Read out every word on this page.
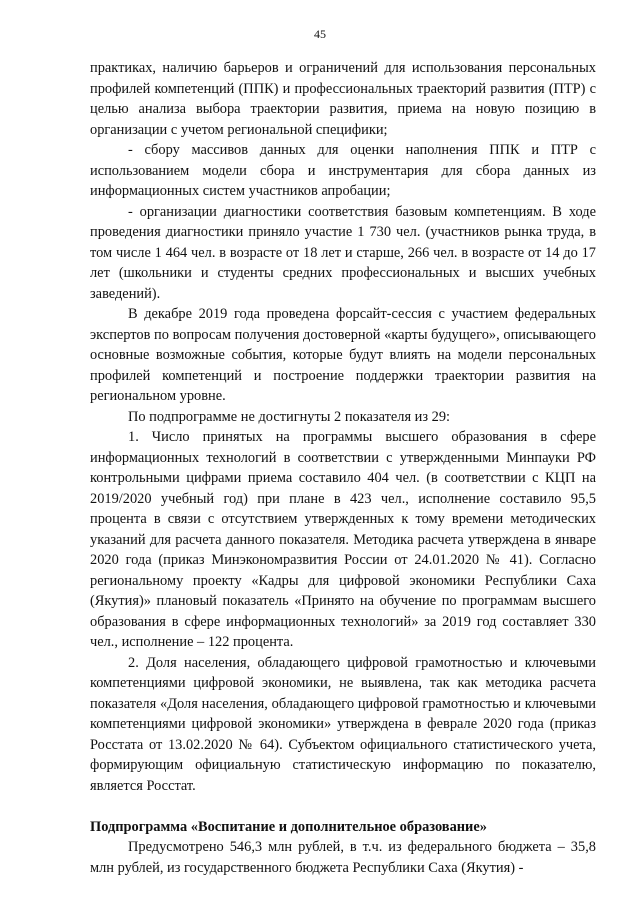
45

практиках, наличию барьеров и ограничений для использования персональных профилей компетенций (ППК) и профессиональных траекторий развития (ПТР) с целью анализа выбора траектории развития, приема на новую позицию в организации с учетом региональной специфики;

- сбору массивов данных для оценки наполнения ППК и ПТР с использованием модели сбора и инструментария для сбора данных из информационных систем участников апробации;

- организации диагностики соответствия базовым компетенциям. В ходе проведения диагностики приняло участие 1 730 чел. (участников рынка труда, в том числе 1 464 чел. в возрасте от 18 лет и старше, 266 чел. в возрасте от 14 до 17 лет (школьники и студенты средних профессиональных и высших учебных заведений).

В декабре 2019 года проведена форсайт-сессия с участием федеральных экспертов по вопросам получения достоверной «карты будущего», описывающего основные возможные события, которые будут влиять на модели персональных профилей компетенций и построение поддержки траектории развития на региональном уровне.

По подпрограмме не достигнуты 2 показателя из 29:

1. Число принятых на программы высшего образования в сфере информационных технологий в соответствии с утвержденными Минпауки РФ контрольными цифрами приема составило 404 чел. (в соответствии с КЦП на 2019/2020 учебный год) при плане в 423 чел., исполнение составило 95,5 процента в связи с отсутствием утвержденных к тому времени методических указаний для расчета данного показателя. Методика расчета утверждена в январе 2020 года (приказ Минэкономразвития России от 24.01.2020 № 41). Согласно региональному проекту «Кадры для цифровой экономики Республики Саха (Якутия)» плановый показатель «Принято на обучение по программам высшего образования в сфере информационных технологий» за 2019 год составляет 330 чел., исполнение – 122 процента.

2. Доля населения, обладающего цифровой грамотностью и ключевыми компетенциями цифровой экономики, не выявлена, так как методика расчета показателя «Доля населения, обладающего цифровой грамотностью и ключевыми компетенциями цифровой экономики» утверждена в феврале 2020 года (приказ Росстата от 13.02.2020 № 64). Субъектом официального статистического учета, формирующим официальную статистическую информацию по показателю, является Росстат.

Подпрограмма «Воспитание и дополнительное образование»

Предусмотрено 546,3 млн рублей, в т.ч. из федерального бюджета – 35,8 млн рублей, из государственного бюджета Республики Саха (Якутия) -
